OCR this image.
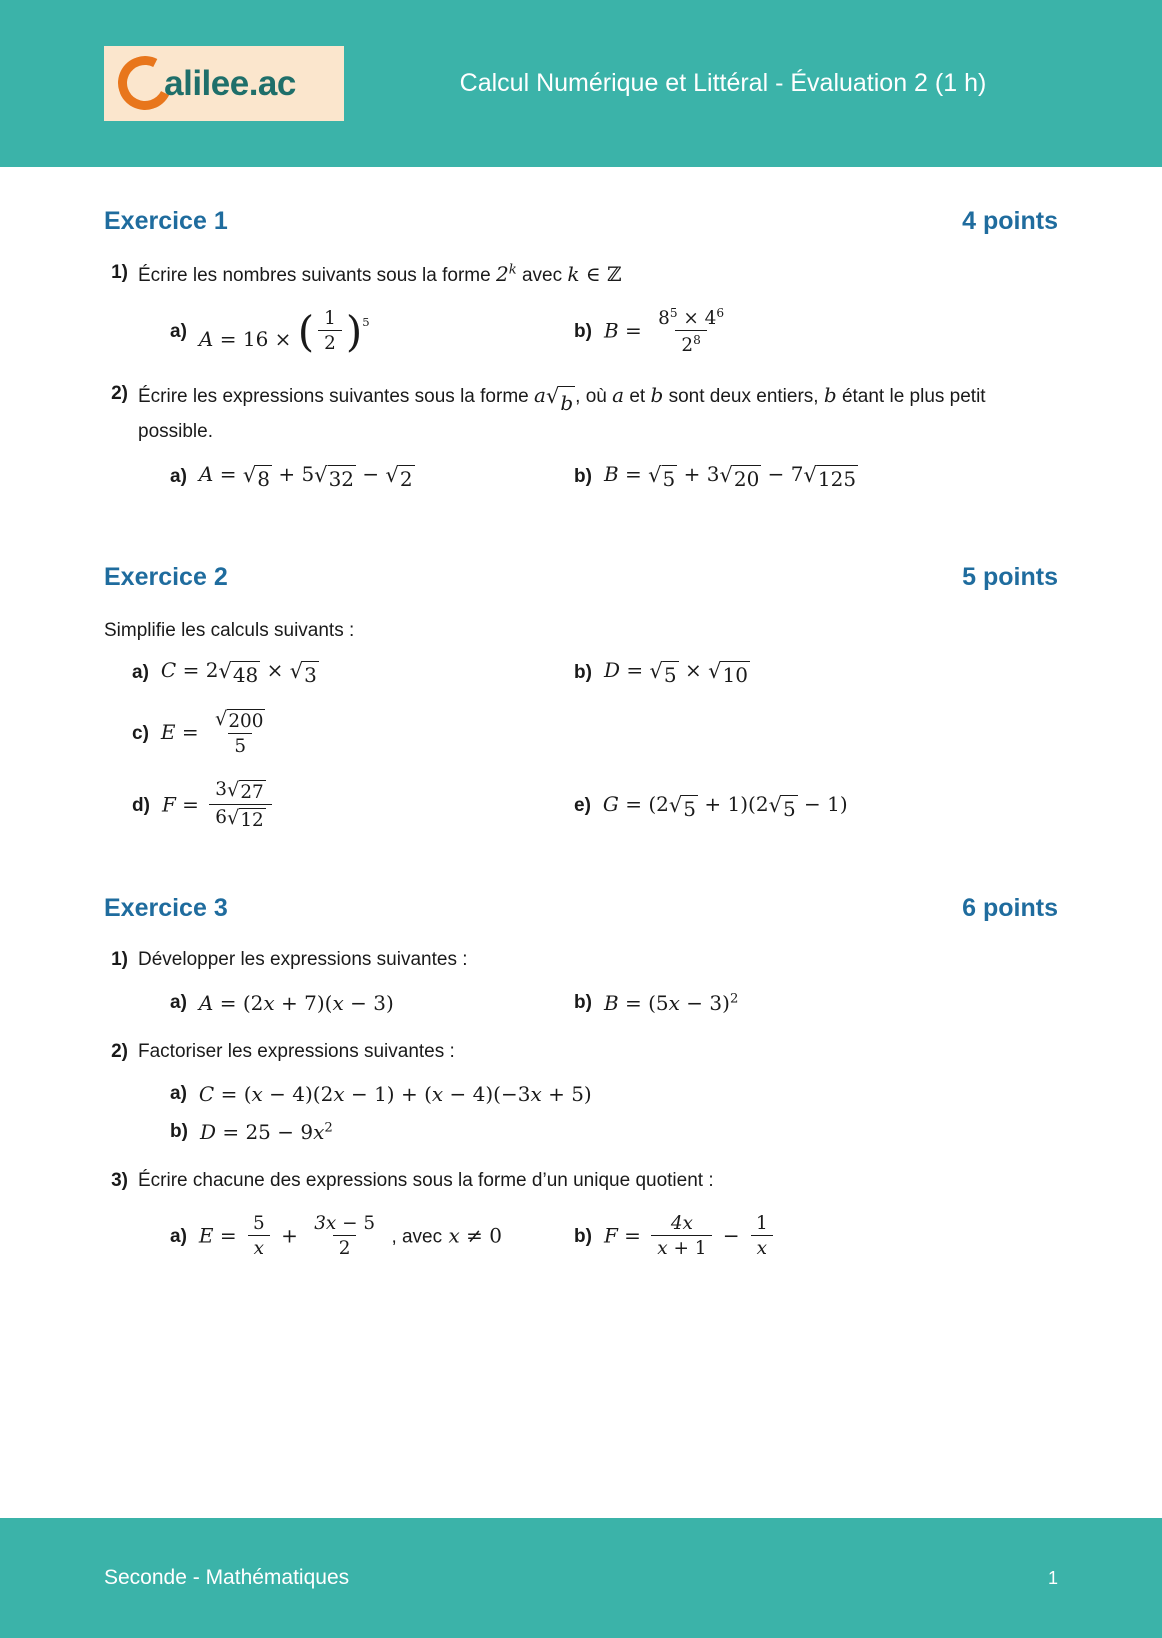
alilee.ac	Calcul Numérique et Littéral - Évaluation 2 (1 h)
Exercice 1	4 points
1) Écrire les nombres suivants sous la forme 2$^k$ avec k ∈ ℤ
a) A = 16 × ( $\frac{1}{2} )^5$	b) $B = \frac{8^5 \times 4^6}{2^8}$
2) Écrire les expressions suivantes sous la forme a √ b , où a et b sont deux entiers, b étant le plus petit possible.
a) A = √ 8 + 5 √ 32 − √ 2	b) B = √ 5 + 3 √ 20 − 7 √ 125
Exercice 2	5 points
Simplifie les calculs suivants :
a) C = 2 √ 48 × √ 3	b) D = √ 5 × √ 10
c) $E = \frac{√ 200}{5}$
d) $F = \frac{3 √ 27}{6 √ 12}$	e) G = (2 √ 5 + 1)(2 √ 5 − 1)
Exercice 3	6 points
1) Développer les expressions suivantes :
a) A = (2x + 7)(x − 3)	b) $B = (5x - 3)^2$
2) Factoriser les expressions suivantes :
a) C = (x − 4)(2x − 1) + (x − 4)(−3x + 5)
b) $D = 25 - 9x^2$
3) Écrire chacune des expressions sous la forme d’un unique quotient :
a) $E = \frac{5}{x} + \frac{3x - 5}{2}$ , avec x ≠ 0	b) $F = \frac{4x}{x + 1} - \frac{1}{x}$
Seconde - Mathématiques	1
